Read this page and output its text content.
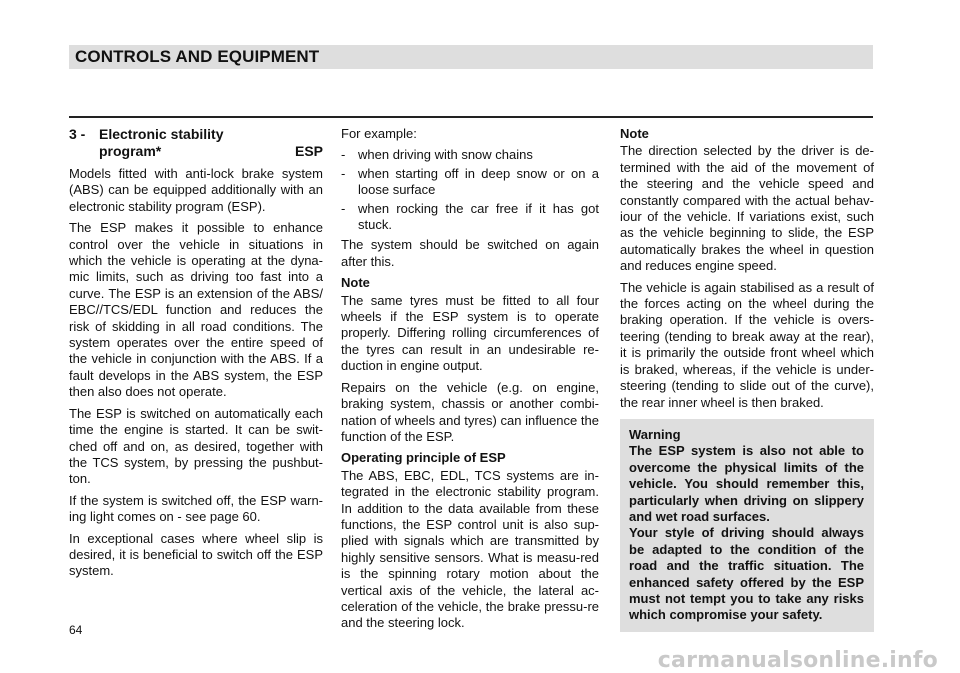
CONTROLS AND EQUIPMENT
3 - Electronic stability
program*	ESP

Models fitted with anti-lock brake system (ABS) can be equipped additionally with an electronic stability program (ESP).

The ESP makes it possible to enhance control over the vehicle in situations in which the vehicle is operating at the dyna-mic limits, such as driving too fast into a curve. The ESP is an extension of the ABS/ EBC//TCS/EDL function and reduces the risk of skidding in all road conditions. The system operates over the entire speed of the vehicle in conjunction with the ABS. If a fault develops in the ABS system, the ESP then also does not operate.

The ESP is switched on automatically each time the engine is started. It can be swit-ched off and on, as desired, together with the TCS system, by pressing the pushbut-ton.

If the system is switched off, the ESP warn-ing light comes on - see page 60.

In exceptional cases where wheel slip is desired, it is beneficial to switch off the ESP system.

For example:

- when driving with snow chains
- when starting off in deep snow or on a loose surface
- when rocking the car free if it has got stuck.

The system should be switched on again after this.

Note

The same tyres must be fitted to all four wheels if the ESP system is to operate properly. Differing rolling circumferences of the tyres can result in an undesirable re-duction in engine output.

Repairs on the vehicle (e.g. on engine, braking system, chassis or another combi-nation of wheels and tyres) can influence the function of the ESP.

Operating principle of ESP

The ABS, EBC, EDL, TCS systems are in-tegrated in the electronic stability program. In addition to the data available from these functions, the ESP control unit is also sup-plied with signals which are transmitted by highly sensitive sensors. What is measu-red is the spinning rotary motion about the vertical axis of the vehicle, the lateral ac-celeration of the vehicle, the brake pressu-re and the steering lock.

Note

The direction selected by the driver is de-termined with the aid of the movement of the steering and the vehicle speed and constantly compared with the actual behav-iour of the vehicle. If variations exist, such as the vehicle beginning to slide, the ESP automatically brakes the wheel in question and reduces engine speed.

The vehicle is again stabilised as a result of the forces acting on the wheel during the braking operation. If the vehicle is overs-teering (tending to break away at the rear), it is primarily the outside front wheel which is braked, whereas, if the vehicle is under-steering (tending to slide out of the curve), the rear inner wheel is then braked.

Warning

The ESP system is also not able to overcome the physical limits of the vehicle. You should remember this, particularly when driving on slippery and wet road surfaces.

Your style of driving should always be adapted to the condition of the road and the traffic situation. The enhanced safety offered by the ESP must not tempt you to take any risks which compromise your safety.

64
carmanualsonline.info
